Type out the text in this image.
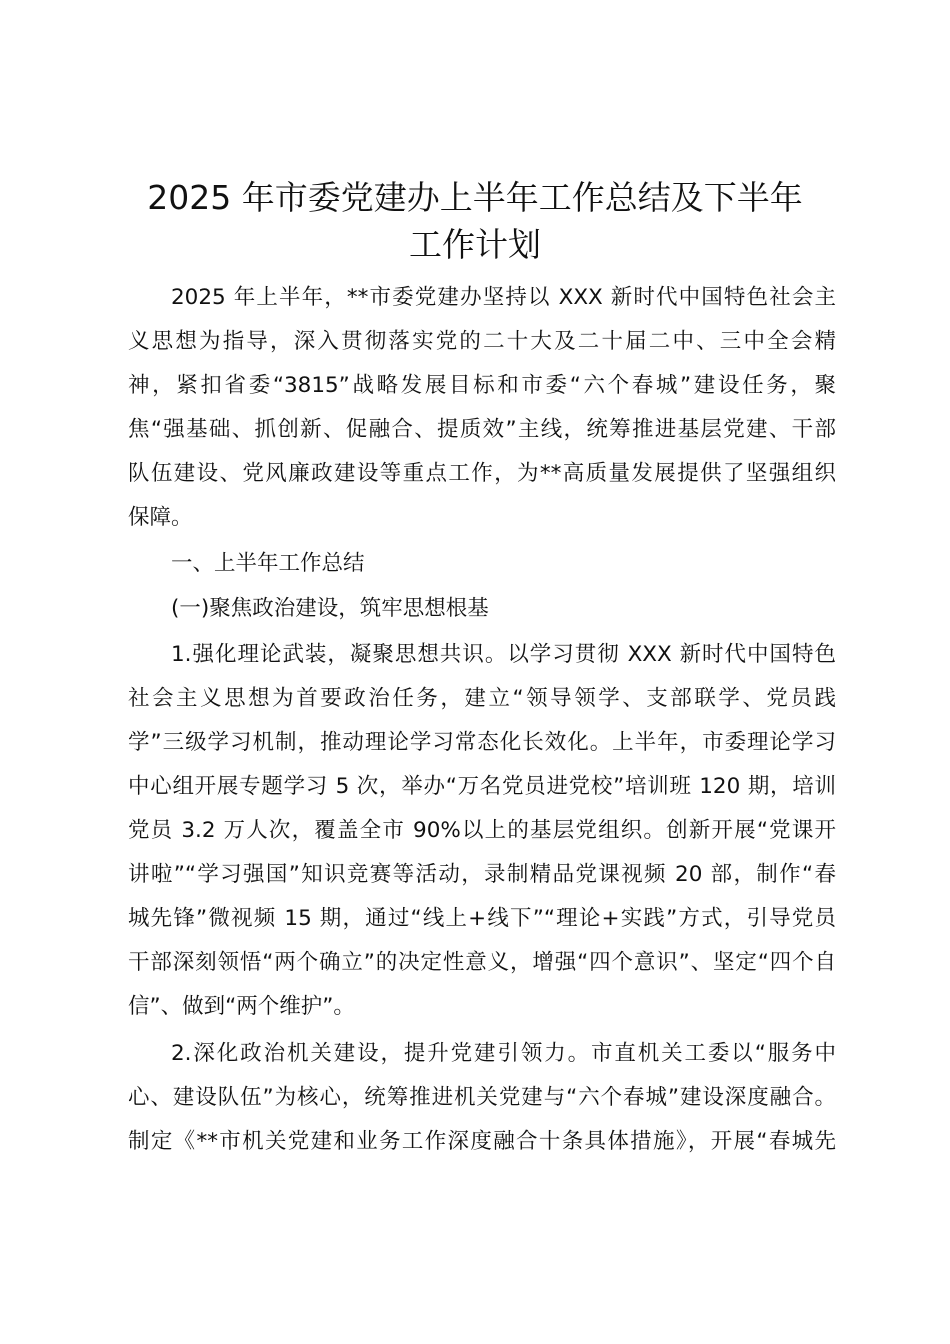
2025 年市委党建办上半年工作总结及下半年
工作计划
2025 年上半年，**市委党建办坚持以 XXX 新时代中国特色社会主
义思想为指导，深入贯彻落实党的二十大及二十届二中、三中全会精
神，紧扣省委“3815”战略发展目标和市委“六个春城”建设任务，聚
焦“强基础、抓创新、促融合、提质效”主线，统筹推进基层党建、干部
队伍建设、党风廉政建设等重点工作，为**高质量发展提供了坚强组织
保障。
一、上半年工作总结
(一)聚焦政治建设，筑牢思想根基
1.强化理论武装，凝聚思想共识。以学习贯彻 XXX 新时代中国特色
社会主义思想为首要政治任务，建立“领导领学、支部联学、党员践
学”三级学习机制，推动理论学习常态化长效化。上半年，市委理论学习
中心组开展专题学习 5 次，举办“万名党员进党校”培训班 120 期，培训
党员 3.2 万人次，覆盖全市 90%以上的基层党组织。创新开展“党课开
讲啦”“学习强国”知识竞赛等活动，录制精品党课视频 20 部，制作“春
城先锋”微视频 15 期，通过“线上+线下”“理论+实践”方式，引导党员
干部深刻领悟“两个确立”的决定性意义，增强“四个意识”、坚定“四个自
信”、做到“两个维护”。
2.深化政治机关建设，提升党建引领力。市直机关工委以“服务中
心、建设队伍”为核心，统筹推进机关党建与“六个春城”建设深度融合。
制定《**市机关党建和业务工作深度融合十条具体措施》，开展“春城先
